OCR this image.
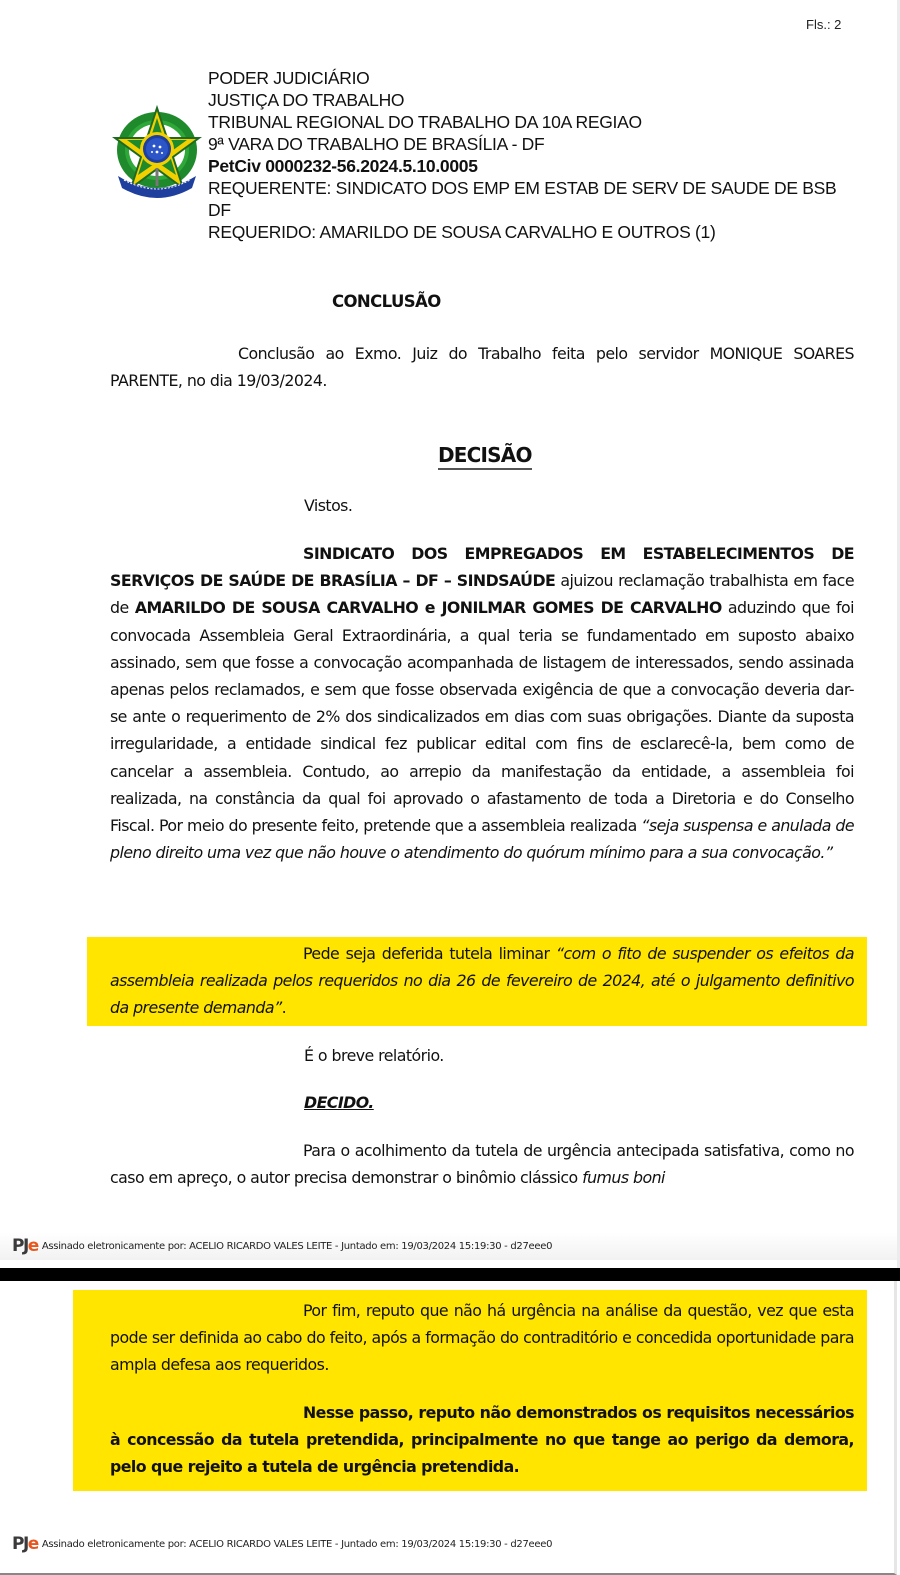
Fls.: 2
PODER JUDICIÁRIO
JUSTIÇA DO TRABALHO
TRIBUNAL REGIONAL DO TRABALHO DA 10A REGIAO
9ª VARA DO TRABALHO DE BRASÍLIA - DF
PetCiv 0000232-56.2024.5.10.0005
REQUERENTE: SINDICATO DOS EMP EM ESTAB DE SERV DE SAUDE DE BSB
DF
REQUERIDO: AMARILDO DE SOUSA CARVALHO E OUTROS (1)
CONCLUSÃO
Conclusão ao Exmo. Juiz do Trabalho feita pelo servidor MONIQUE SOARES PARENTE, no dia 19/03/2024.
DECISÃO
Vistos.
SINDICATO DOS EMPREGADOS EM ESTABELECIMENTOS DE SERVIÇOS DE SAÚDE DE BRASÍLIA – DF – SINDSAÚDE ajuizou reclamação trabalhista em face de AMARILDO DE SOUSA CARVALHO e JONILMAR GOMES DE CARVALHO aduzindo que foi convocada Assembleia Geral Extraordinária, a qual teria se fundamentado em suposto abaixo assinado, sem que fosse a convocação acompanhada de listagem de interessados, sendo assinada apenas pelos reclamados, e sem que fosse observada exigência de que a convocação deveria dar-se ante o requerimento de 2% dos sindicalizados em dias com suas obrigações. Diante da suposta irregularidade, a entidade sindical fez publicar edital com fins de esclarecê-la, bem como de cancelar a assembleia. Contudo, ao arrepio da manifestação da entidade, a assembleia foi realizada, na constância da qual foi aprovado o afastamento de toda a Diretoria e do Conselho Fiscal. Por meio do presente feito, pretende que a assembleia realizada “seja suspensa e anulada de pleno direito uma vez que não houve o atendimento do quórum mínimo para a sua convocação.”
Pede seja deferida tutela liminar “com o fito de suspender os efeitos da assembleia realizada pelos requeridos no dia 26 de fevereiro de 2024, até o julgamento definitivo da presente demanda”.
É o breve relatório.
DECIDO.
Para o acolhimento da tutela de urgência antecipada satisfativa, como no caso em apreço, o autor precisa demonstrar o binômio clássico fumus boni
PJe Assinado eletronicamente por: ACELIO RICARDO VALES LEITE - Juntado em: 19/03/2024 15:19:30 - d27eee0
Por fim, reputo que não há urgência na análise da questão, vez que esta pode ser definida ao cabo do feito, após a formação do contraditório e concedida oportunidade para ampla defesa aos requeridos.
Nesse passo, reputo não demonstrados os requisitos necessários à concessão da tutela pretendida, principalmente no que tange ao perigo da demora, pelo que rejeito a tutela de urgência pretendida.
PJe Assinado eletronicamente por: ACELIO RICARDO VALES LEITE - Juntado em: 19/03/2024 15:19:30 - d27eee0
